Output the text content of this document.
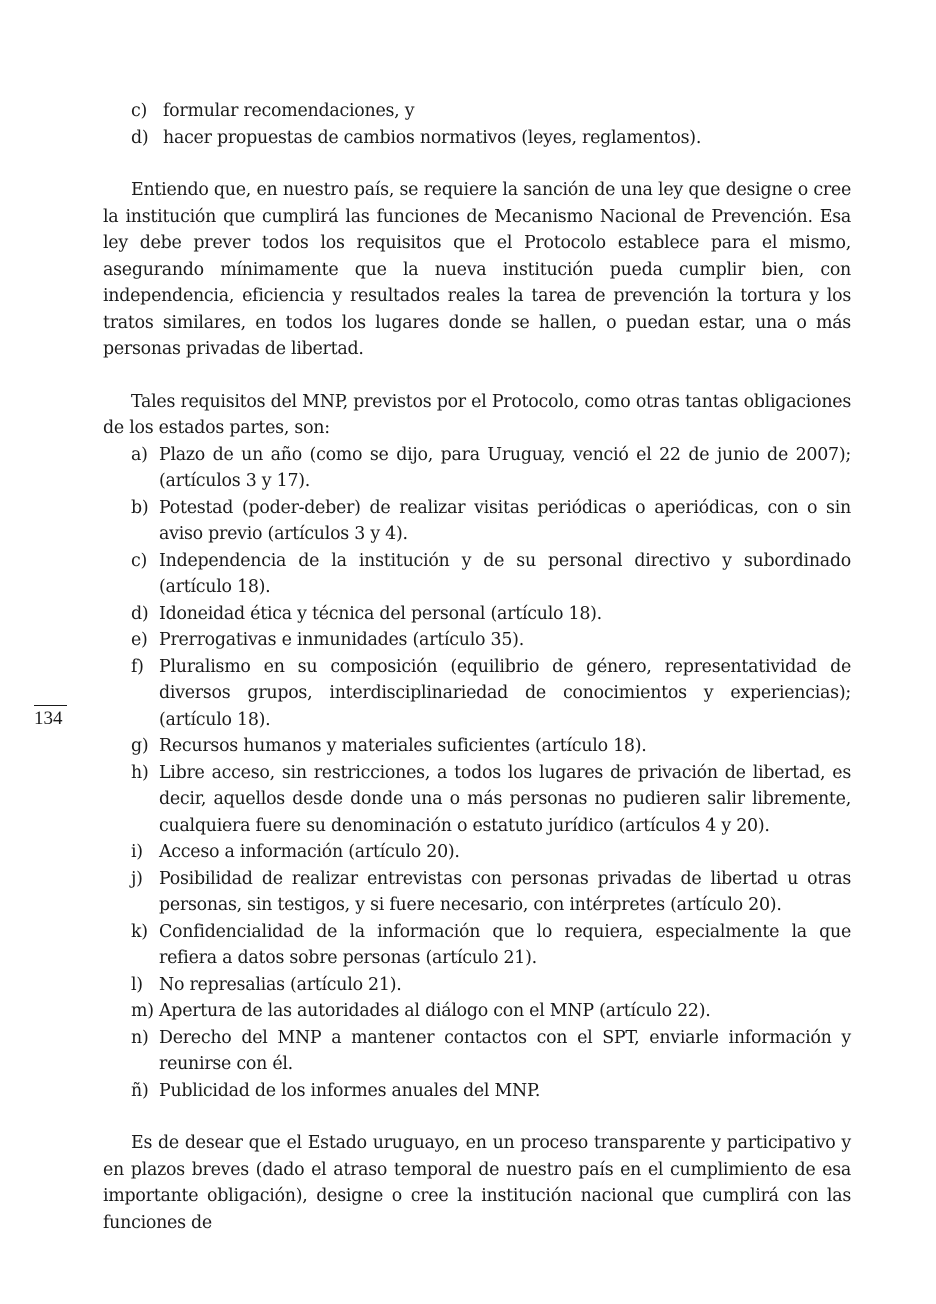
134
c) formular recomendaciones, y
d) hacer propuestas de cambios normativos (leyes, reglamentos).

Entiendo que, en nuestro país, se requiere la sanción de una ley que designe o cree la institución que cumplirá las funciones de Mecanismo Nacional de Prevención. Esa ley debe prever todos los requisitos que el Protocolo establece para el mismo, asegurando mínimamente que la nueva institución pueda cumplir bien, con independencia, eficiencia y resultados reales la tarea de prevención la tortura y los tratos similares, en todos los lugares donde se hallen, o puedan estar, una o más personas privadas de libertad.

Tales requisitos del MNP, previstos por el Protocolo, como otras tantas obligaciones de los estados partes, son:

a) Plazo de un año (como se dijo, para Uruguay, venció el 22 de junio de 2007); (artículos 3 y 17).
b) Potestad (poder-deber) de realizar visitas periódicas o aperiódicas, con o sin aviso previo (artículos 3 y 4).
c) Independencia de la institución y de su personal directivo y subordinado (artículo 18).
d) Idoneidad ética y técnica del personal (artículo 18).
e) Prerrogativas e inmunidades (artículo 35).
f) Pluralismo en su composición (equilibrio de género, representatividad de diversos grupos, interdisciplinariedad de conocimientos y experiencias); (artículo 18).
g) Recursos humanos y materiales suficientes (artículo 18).
h) Libre acceso, sin restricciones, a todos los lugares de privación de libertad, es decir, aquellos desde donde una o más personas no pudieren salir libremente, cualquiera fuere su denominación o estatuto jurídico (artículos 4 y 20).
i) Acceso a información (artículo 20).
j) Posibilidad de realizar entrevistas con personas privadas de libertad u otras personas, sin testigos, y si fuere necesario, con intérpretes (artículo 20).
k) Confidencialidad de la información que lo requiera, especialmente la que refiera a datos sobre personas (artículo 21).
l) No represalias (artículo 21).
m) Apertura de las autoridades al diálogo con el MNP (artículo 22).
n) Derecho del MNP a mantener contactos con el SPT, enviarle información y reunirse con él.
ñ) Publicidad de los informes anuales del MNP.

Es de desear que el Estado uruguayo, en un proceso transparente y participativo y en plazos breves (dado el atraso temporal de nuestro país en el cumplimiento de esa importante obligación), designe o cree la institución nacional que cumplirá con las funciones de
